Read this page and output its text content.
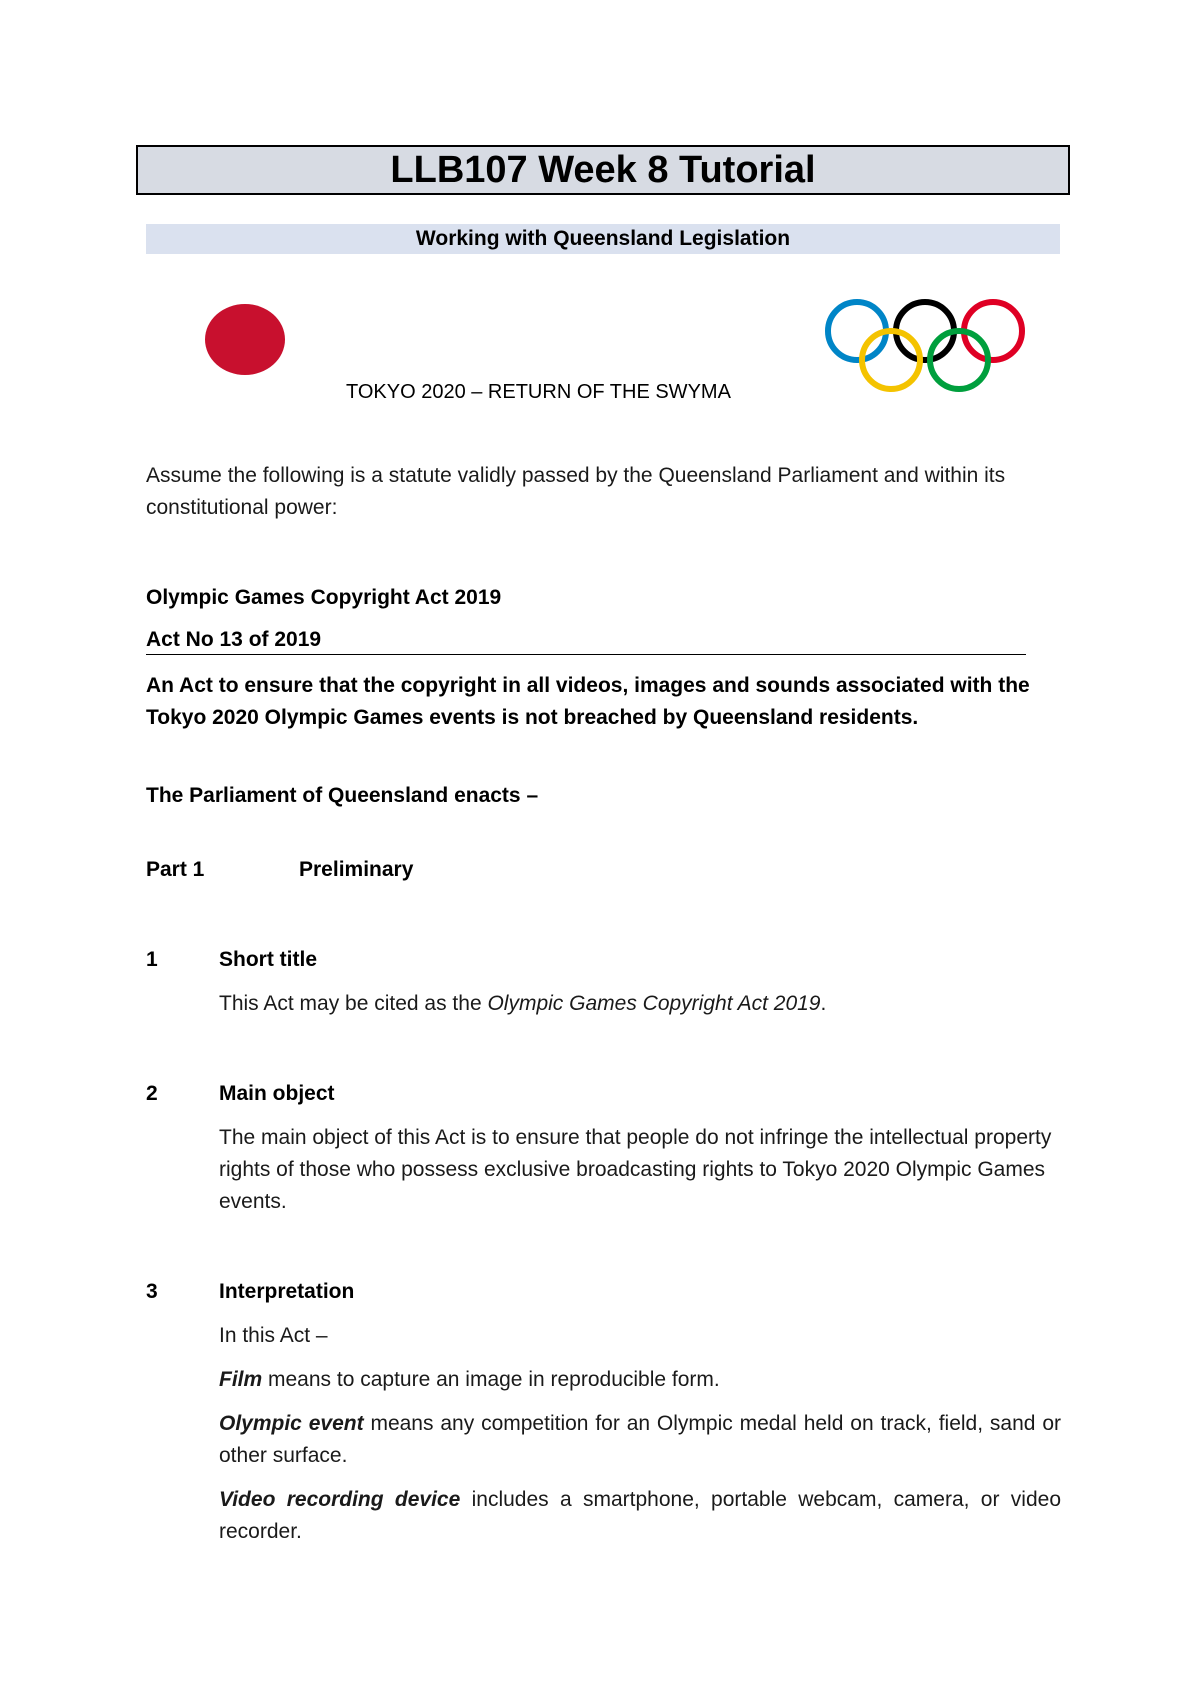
LLB107 Week 8 Tutorial
Working with Queensland Legislation
TOKYO 2020 – RETURN OF THE SWYMA
Assume the following is a statute validly passed by the Queensland Parliament and within its constitutional power:
Olympic Games Copyright Act 2019
Act No 13 of 2019
An Act to ensure that the copyright in all videos, images and sounds associated with the Tokyo 2020 Olympic Games events is not breached by Queensland residents.
The Parliament of Queensland enacts –
Part 1	Preliminary
1	Short title
This Act may be cited as the Olympic Games Copyright Act 2019.
2	Main object
The main object of this Act is to ensure that people do not infringe the intellectual property rights of those who possess exclusive broadcasting rights to Tokyo 2020 Olympic Games events.
3	Interpretation
In this Act –
Film means to capture an image in reproducible form.
Olympic event means any competition for an Olympic medal held on track, field, sand or other surface.
Video recording device includes a smartphone, portable webcam, camera, or video recorder.
